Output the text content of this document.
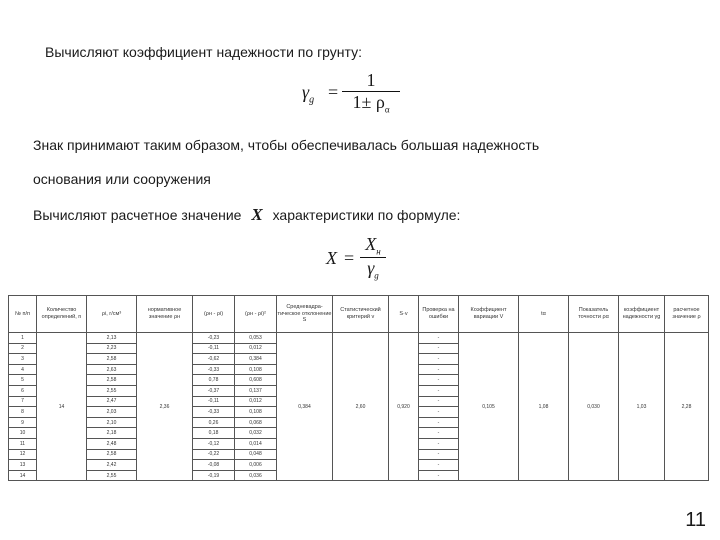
Вычисляют коэффициент надежности по грунту:
$\gamma_g$ =
1
$1\pm \rho_\alpha$
Знак принимают таким образом, чтобы обеспечивалась большая надежность
основания или сооружения
Вычисляют расчетное значение X характеристики по формуле:
X =
$X_н$
$\gamma_g$
№ п/п	Количество определений, n	ρi, г/см³	нормативное значение ρн	(ρн - ρi)	(ρн - ρi)²	Средневадра-тическое отклонение S	Статистический критерий v	S·v	Проверка на ошибки	Коэффициент вариации V	tα	Показатель точности ρα	коэффициент надежности γg	расчетное значение ρ
1	14	2,13	2,36	-0,23	0,053	0,384	2,60	0,920	-	0,105	1,08	0,030	1,03	2,28
2		2,23		-0,11	0,012				-					
3		2,58		-0,62	0,384				-					
4		2,63		-0,33	0,108				-					
5		2,58		0,78	0,608				-					
6		2,55		-0,37	0,137				-					
7		2,47		-0,11	0,012				-					
8		2,03		-0,33	0,108				-					
9		2,10		0,26	0,068				-					
10		2,18		0,18	0,032				-					
11		2,48		-0,12	0,014				-					
12		2,58		-0,22	0,048				-					
13		2,42		-0,08	0,006				-					
14		2,55		-0,19	0,036				-					
11
